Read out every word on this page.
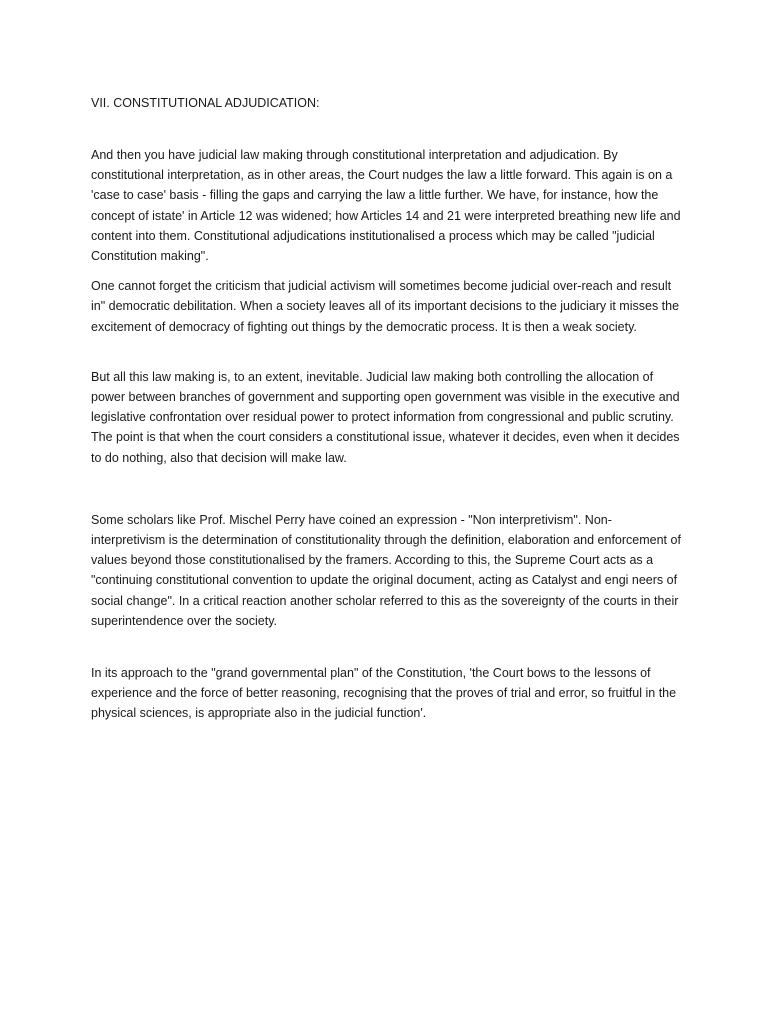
VII. CONSTITUTIONAL ADJUDICATION:

And then you have judicial law making through constitutional interpretation and adjudication. By constitutional interpretation, as in other areas, the Court nudges the law a little forward. This again is on a 'case to case' basis - filling the gaps and carrying the law a little further. We have, for instance, how the concept of istate' in Article 12 was widened; how Articles 14 and 21 were interpreted breathing new life and content into them. Constitutional adjudications institutionalised a process which may be called "judicial Constitution making".

One cannot forget the criticism that judicial activism will sometimes become judicial over-reach and result in" democratic debilitation. When a society leaves all of its important decisions to the judiciary it misses the excitement of democracy of fighting out things by the democratic process. It is then a weak society.

But all this law making is, to an extent, inevitable. Judicial law making both controlling the allocation of power between branches of government and supporting open government was visible in the executive and legislative confrontation over residual power to protect information from congressional and public scrutiny. The point is that when the court considers a constitutional issue, whatever it decides, even when it decides to do nothing, also that decision will make law.

Some scholars like Prof. Mischel Perry have coined an expression - "Non interpretivism". Non-interpretivism is the determination of constitutionality through the definition, elaboration and enforcement of values beyond those constitutionalised by the framers. According to this, the Supreme Court acts as a "continuing constitutional convention to update the original document, acting as Catalyst and engi neers of social change". In a critical reaction another scholar referred to this as the sovereignty of the courts in their superintendence over the society.

In its approach to the "grand governmental plan" of the Constitution, 'the Court bows to the lessons of experience and the force of better reasoning, recognising that the proves of trial and error, so fruitful in the physical sciences, is appropriate also in the judicial function'.
